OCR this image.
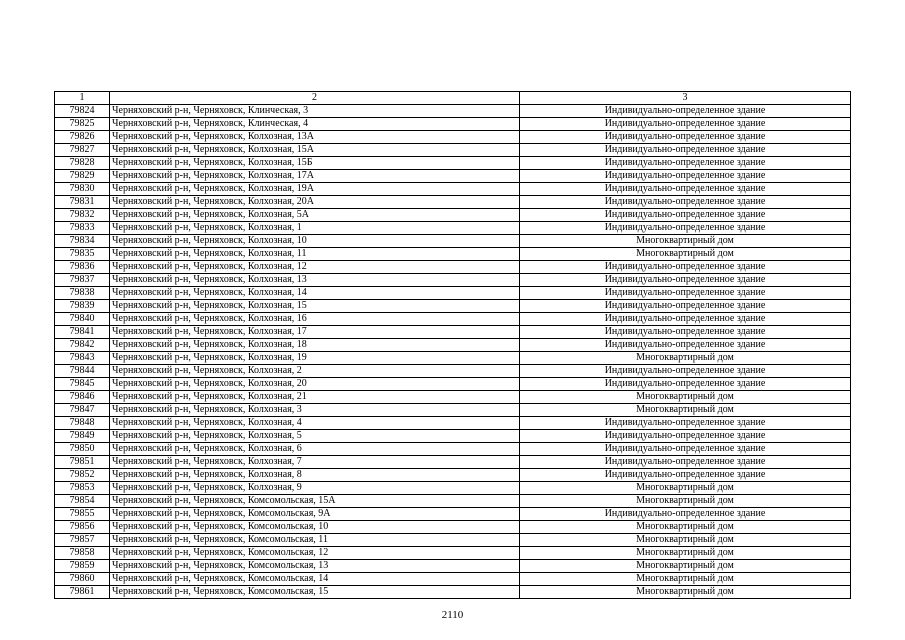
1	2	3
79824	Черняховский р-н, Черняховск, Клинческая, 3	Индивидуально-определенное здание
79825	Черняховский р-н, Черняховск, Клинческая, 4	Индивидуально-определенное здание
79826	Черняховский р-н, Черняховск, Колхозная, 13А	Индивидуально-определенное здание
79827	Черняховский р-н, Черняховск, Колхозная, 15А	Индивидуально-определенное здание
79828	Черняховский р-н, Черняховск, Колхозная, 15Б	Индивидуально-определенное здание
79829	Черняховский р-н, Черняховск, Колхозная, 17А	Индивидуально-определенное здание
79830	Черняховский р-н, Черняховск, Колхозная, 19А	Индивидуально-определенное здание
79831	Черняховский р-н, Черняховск, Колхозная, 20А	Индивидуально-определенное здание
79832	Черняховский р-н, Черняховск, Колхозная, 5А	Индивидуально-определенное здание
79833	Черняховский р-н, Черняховск, Колхозная, 1	Индивидуально-определенное здание
79834	Черняховский р-н, Черняховск, Колхозная, 10	Многоквартирный дом
79835	Черняховский р-н, Черняховск, Колхозная, 11	Многоквартирный дом
79836	Черняховский р-н, Черняховск, Колхозная, 12	Индивидуально-определенное здание
79837	Черняховский р-н, Черняховск, Колхозная, 13	Индивидуально-определенное здание
79838	Черняховский р-н, Черняховск, Колхозная, 14	Индивидуально-определенное здание
79839	Черняховский р-н, Черняховск, Колхозная, 15	Индивидуально-определенное здание
79840	Черняховский р-н, Черняховск, Колхозная, 16	Индивидуально-определенное здание
79841	Черняховский р-н, Черняховск, Колхозная, 17	Индивидуально-определенное здание
79842	Черняховский р-н, Черняховск, Колхозная, 18	Индивидуально-определенное здание
79843	Черняховский р-н, Черняховск, Колхозная, 19	Многоквартирный дом
79844	Черняховский р-н, Черняховск, Колхозная, 2	Индивидуально-определенное здание
79845	Черняховский р-н, Черняховск, Колхозная, 20	Индивидуально-определенное здание
79846	Черняховский р-н, Черняховск, Колхозная, 21	Многоквартирный дом
79847	Черняховский р-н, Черняховск, Колхозная, 3	Многоквартирный дом
79848	Черняховский р-н, Черняховск, Колхозная, 4	Индивидуально-определенное здание
79849	Черняховский р-н, Черняховск, Колхозная, 5	Индивидуально-определенное здание
79850	Черняховский р-н, Черняховск, Колхозная, 6	Индивидуально-определенное здание
79851	Черняховский р-н, Черняховск, Колхозная, 7	Индивидуально-определенное здание
79852	Черняховский р-н, Черняховск, Колхозная, 8	Индивидуально-определенное здание
79853	Черняховский р-н, Черняховск, Колхозная, 9	Многоквартирный дом
79854	Черняховский р-н, Черняховск, Комсомольская, 15А	Многоквартирный дом
79855	Черняховский р-н, Черняховск, Комсомольская, 9А	Индивидуально-определенное здание
79856	Черняховский р-н, Черняховск, Комсомольская, 10	Многоквартирный дом
79857	Черняховский р-н, Черняховск, Комсомольская, 11	Многоквартирный дом
79858	Черняховский р-н, Черняховск, Комсомольская, 12	Многоквартирный дом
79859	Черняховский р-н, Черняховск, Комсомольская, 13	Многоквартирный дом
79860	Черняховский р-н, Черняховск, Комсомольская, 14	Многоквартирный дом
79861	Черняховский р-н, Черняховск, Комсомольская, 15	Многоквартирный дом
2110
